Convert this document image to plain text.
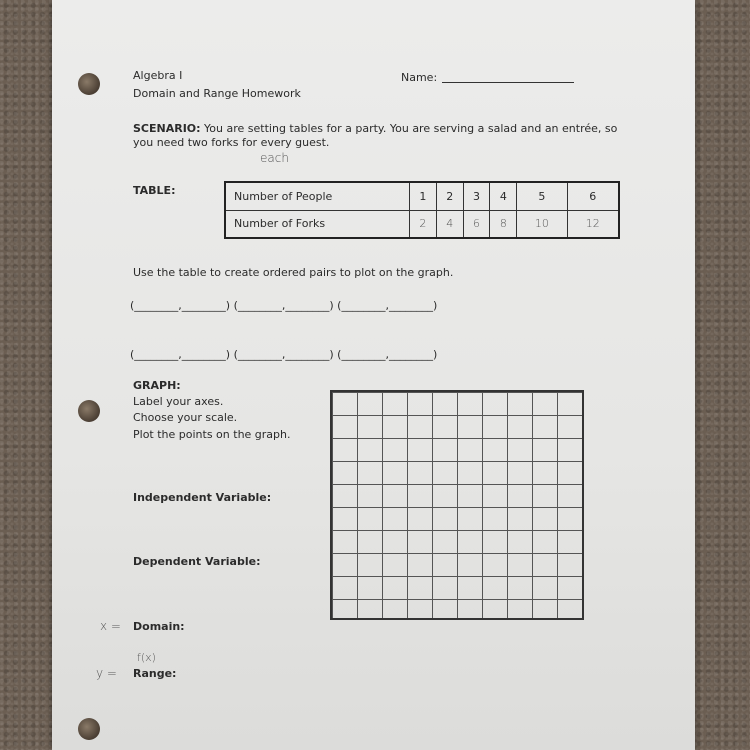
Algebra I
Domain and Range Homework
Name:
SCENARIO: You are setting tables for a party. You are serving a salad and an entrée, so
you need two forks for every guest.
each
TABLE:	Number of People	1	2	3	4	5	6
Number of Forks	2	4	6	8	10	12
Use the table to create ordered pairs to plot on the graph.
(________,________) (________,________) (________,________)
(________,________) (________,________) (________,________)
GRAPH:
Label your axes.
Choose your scale.
Plot the points on the graph.
Independent Variable:
Dependent Variable:
x = Domain:
f(x)
y = Range:
